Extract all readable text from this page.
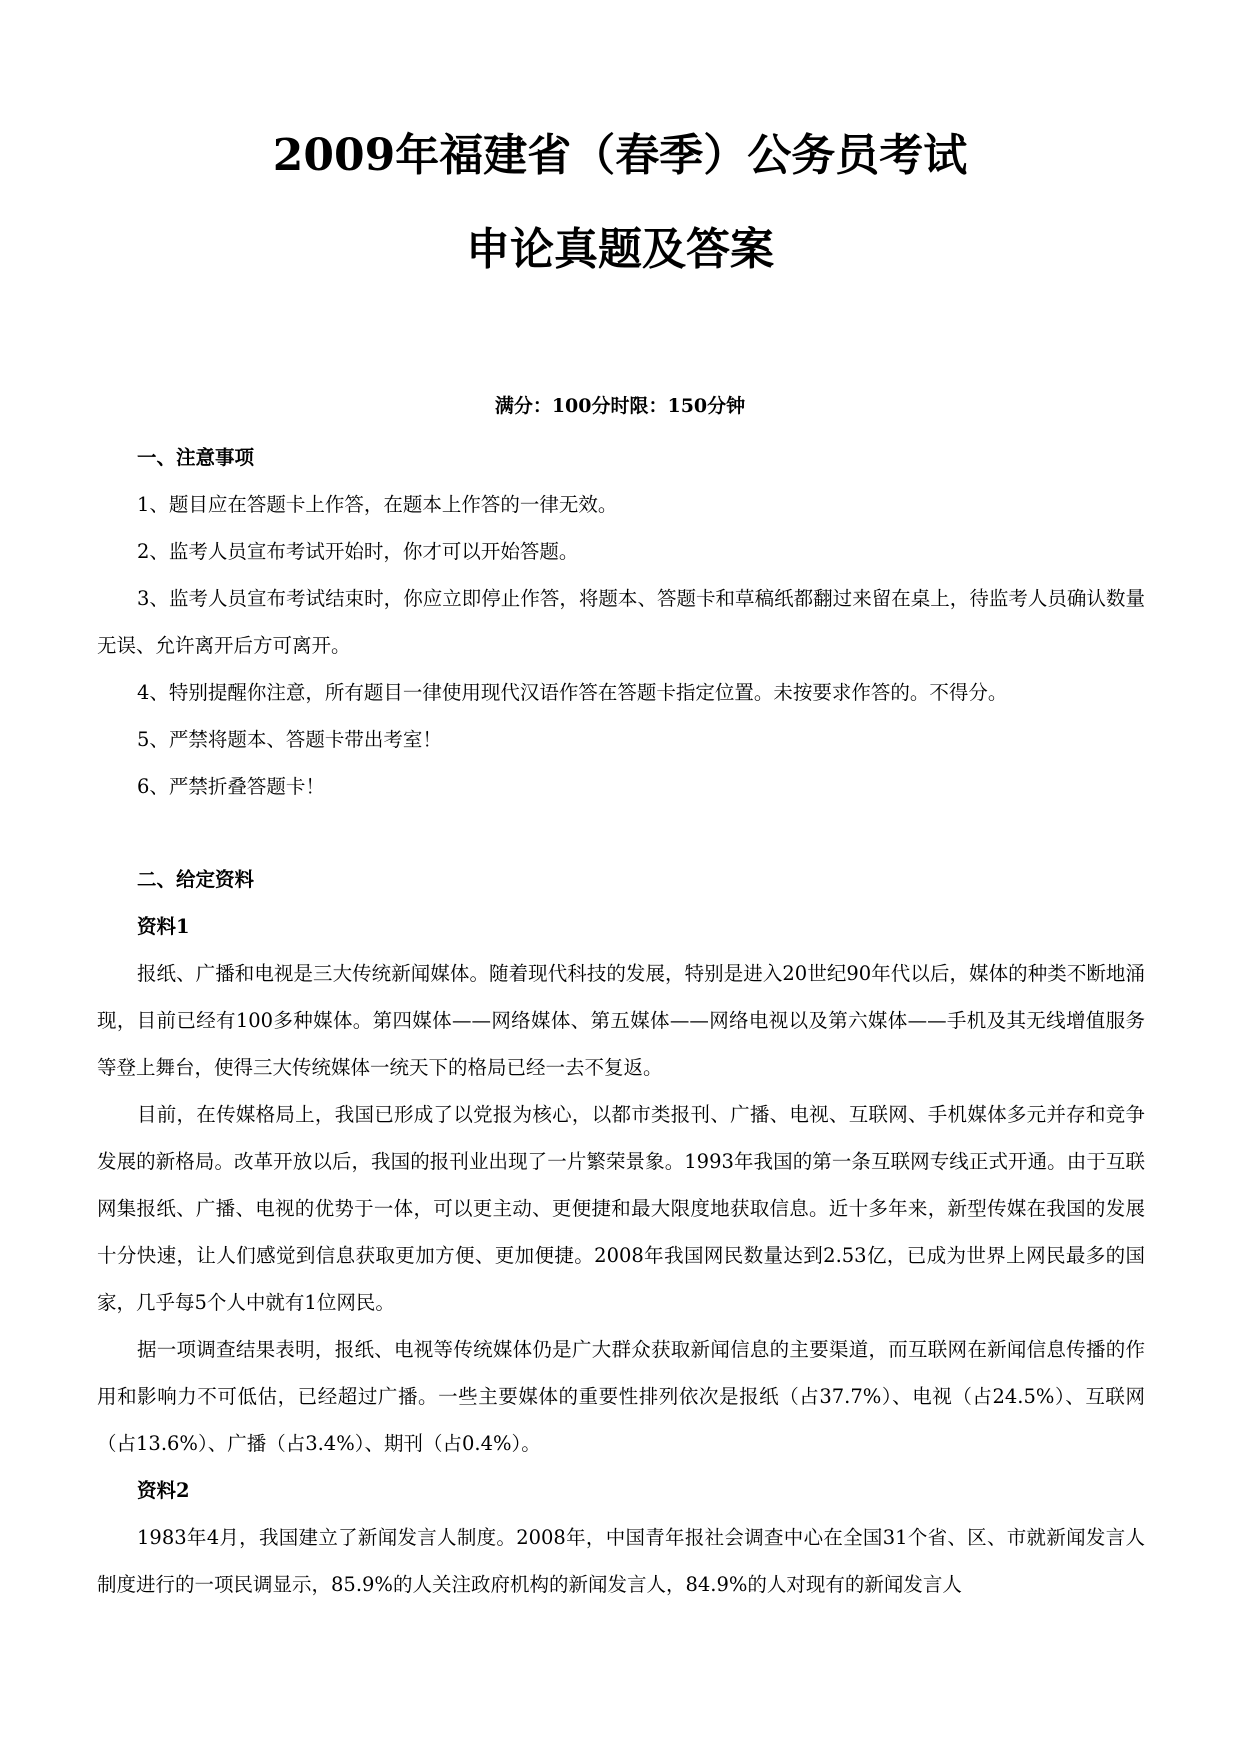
2009年福建省（春季）公务员考试
申论真题及答案
满分：100分时限：150分钟

一、注意事项

1、题目应在答题卡上作答，在题本上作答的一律无效。

2、监考人员宣布考试开始时，你才可以开始答题。

3、监考人员宣布考试结束时，你应立即停止作答，将题本、答题卡和草稿纸都翻过来留在桌上，待监考人员确认数量无误、允许离开后方可离开。

4、特别提醒你注意，所有题目一律使用现代汉语作答在答题卡指定位置。未按要求作答的。不得分。

5、严禁将题本、答题卡带出考室！

6、严禁折叠答题卡！

二、给定资料

资料1

报纸、广播和电视是三大传统新闻媒体。随着现代科技的发展，特别是进入20世纪90年代以后，媒体的种类不断地涌现，目前已经有100多种媒体。第四媒体——网络媒体、第五媒体——网络电视以及第六媒体——手机及其无线增值服务等登上舞台，使得三大传统媒体一统天下的格局已经一去不复返。

目前，在传媒格局上，我国已形成了以党报为核心，以都市类报刊、广播、电视、互联网、手机媒体多元并存和竞争发展的新格局。改革开放以后，我国的报刊业出现了一片繁荣景象。1993年我国的第一条互联网专线正式开通。由于互联网集报纸、广播、电视的优势于一体，可以更主动、更便捷和最大限度地获取信息。近十多年来，新型传媒在我国的发展十分快速，让人们感觉到信息获取更加方便、更加便捷。2008年我国网民数量达到2.53亿，已成为世界上网民最多的国家，几乎每5个人中就有1位网民。

据一项调查结果表明，报纸、电视等传统媒体仍是广大群众获取新闻信息的主要渠道，而互联网在新闻信息传播的作用和影响力不可低估，已经超过广播。一些主要媒体的重要性排列依次是报纸（占37.7%）、电视（占24.5%）、互联网（占13.6%）、广播（占3.4%）、期刊（占0.4%）。

资料2

1983年4月，我国建立了新闻发言人制度。2008年，中国青年报社会调查中心在全国31个省、区、市就新闻发言人制度进行的一项民调显示，85.9%的人关注政府机构的新闻发言人，84.9%的人对现有的新闻发言人
